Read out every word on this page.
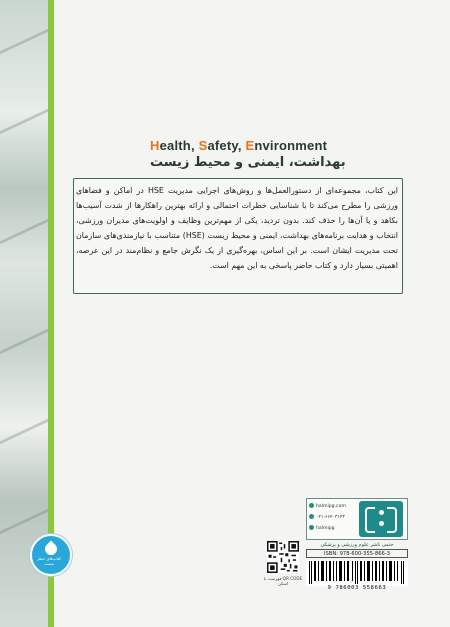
Health, Safety, Environment
بهداشت، ایمنی و محیط زیست

این کتاب، مجموعه‌ای از دستورالعمل‌ها و روش‌های اجرایی مدیریت HSE در اماکن و فضاهای ورزشی را مطرح می‌کند تا با شناسایی خطرات احتمالی و ارائه بهترین راهکارها از شدت آسیب‌ها بکاهد و یا آن‌ها را حذف کند. بدون تردید، یکی از مهم‌ترین وظایف و اولویت‌های مدیران ورزشی، انتخاب و هدایت برنامه‌های بهداشت، ایمنی و محیط زیست (HSE) متناسب با نیازمندی‌های سازمان تحت مدیریت ایشان است. بر این اساس، بهره‌گیری از یک نگرش جامع و نظام‌مند در این عرصه، اهمیتی بسیار دارد و کتاب حاضر پاسخی به این مهم است.

halmipg.com
۰۲۱-۶۶۴۰۳۱۴۳
halmipg
حتمی ناشر علوم ورزشی و پزشکی
ISBN: 978-600-355-866-3
9 786003 558663
QR CODE فهرست با اسکن
کتاب‌های خطر نیست
